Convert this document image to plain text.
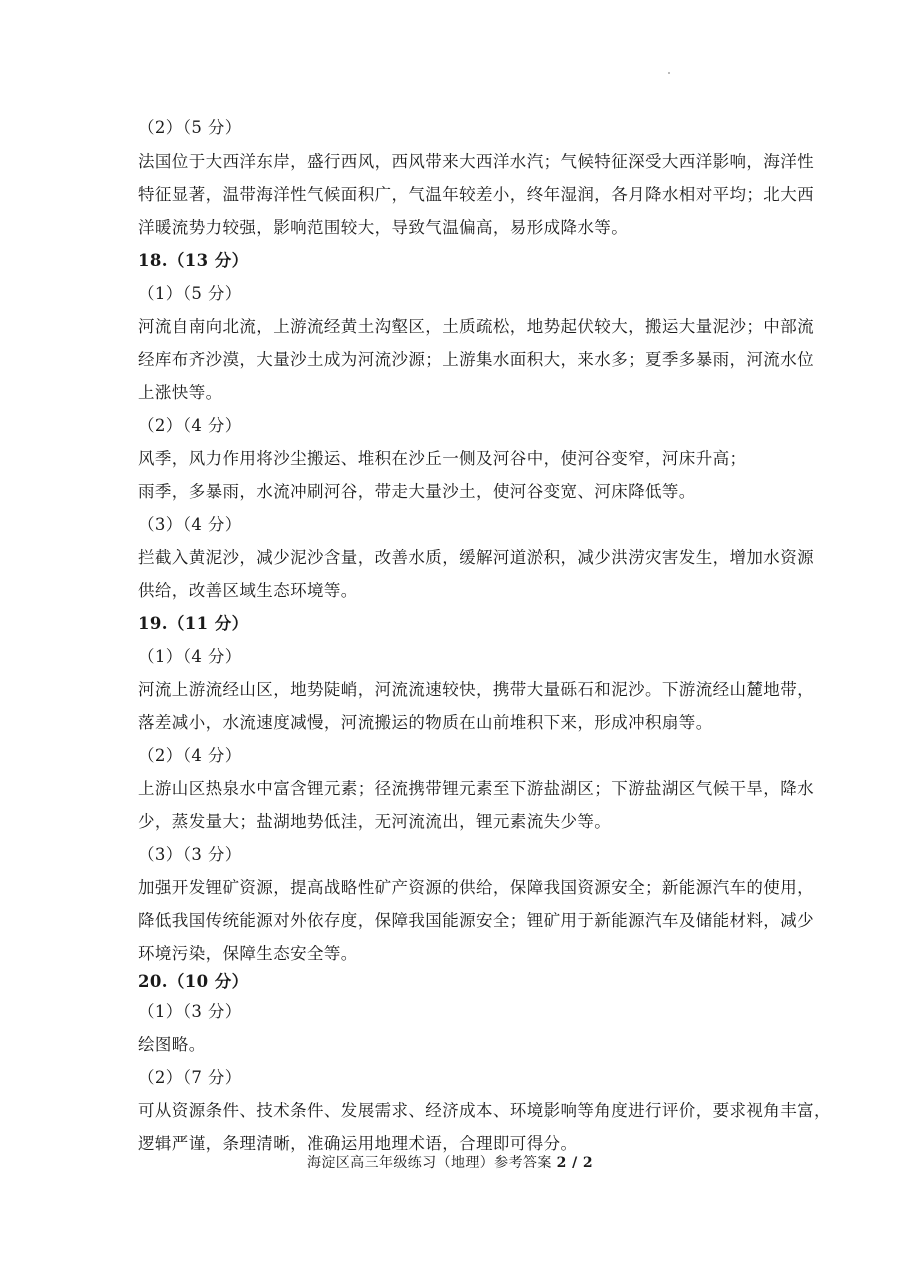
（2）（5 分）
法国位于大西洋东岸，盛行西风，西风带来大西洋水汽；气候特征深受大西洋影响，海洋性
特征显著，温带海洋性气候面积广，气温年较差小，终年湿润，各月降水相对平均；北大西
洋暖流势力较强，影响范围较大，导致气温偏高，易形成降水等。
18.（13 分）
（1）（5 分）
河流自南向北流，上游流经黄土沟壑区，土质疏松，地势起伏较大，搬运大量泥沙；中部流
经库布齐沙漠，大量沙土成为河流沙源；上游集水面积大，来水多；夏季多暴雨，河流水位
上涨快等。
（2）（4 分）
风季，风力作用将沙尘搬运、堆积在沙丘一侧及河谷中，使河谷变窄，河床升高；
雨季，多暴雨，水流冲刷河谷，带走大量沙土，使河谷变宽、河床降低等。
（3）（4 分）
拦截入黄泥沙，减少泥沙含量，改善水质，缓解河道淤积，减少洪涝灾害发生，增加水资源
供给，改善区域生态环境等。
19.（11 分）
（1）（4 分）
河流上游流经山区，地势陡峭，河流流速较快，携带大量砾石和泥沙。下游流经山麓地带，
落差减小，水流速度减慢，河流搬运的物质在山前堆积下来，形成冲积扇等。
（2）（4 分）
上游山区热泉水中富含锂元素；径流携带锂元素至下游盐湖区；下游盐湖区气候干旱，降水
少，蒸发量大；盐湖地势低洼，无河流流出，锂元素流失少等。
（3）（3 分）
加强开发锂矿资源，提高战略性矿产资源的供给，保障我国资源安全；新能源汽车的使用，
降低我国传统能源对外依存度，保障我国能源安全；锂矿用于新能源汽车及储能材料，减少
环境污染，保障生态安全等。
20.（10 分）
（1）（3 分）
绘图略。
（2）（7 分）
可从资源条件、技术条件、发展需求、经济成本、环境影响等角度进行评价，要求视角丰富，
逻辑严谨，条理清晰，准确运用地理术语，合理即可得分。
海淀区高三年级练习（地理）参考答案 2 / 2
